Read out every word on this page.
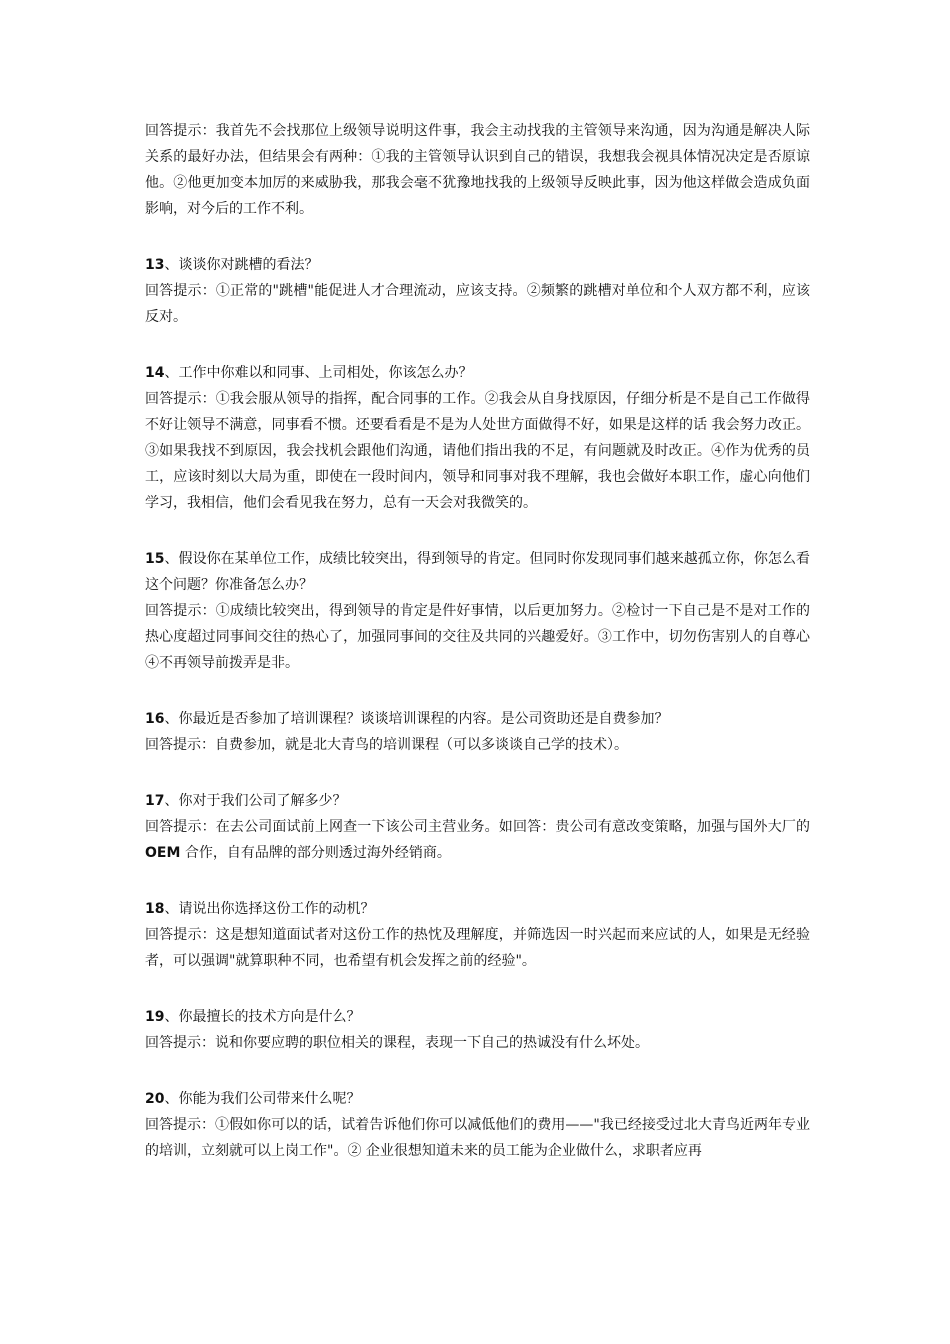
回答提示：我首先不会找那位上级领导说明这件事，我会主动找我的主管领导来沟通，因为沟通是解决人际关系的最好办法，但结果会有两种：①我的主管领导认识到自己的错误，我想我会视具体情况决定是否原谅他。②他更加变本加厉的来威胁我，那我会毫不犹豫地找我的上级领导反映此事，因为他这样做会造成负面影响，对今后的工作不利。

13、谈谈你对跳槽的看法？

回答提示：①正常的"跳槽"能促进人才合理流动，应该支持。②频繁的跳槽对单位和个人双方都不利，应该反对。

14、工作中你难以和同事、上司相处，你该怎么办？

回答提示：①我会服从领导的指挥，配合同事的工作。②我会从自身找原因，仔细分析是不是自己工作做得不好让领导不满意，同事看不惯。还要看看是不是为人处世方面做得不好，如果是这样的话 我会努力改正。③如果我找不到原因，我会找机会跟他们沟通，请他们指出我的不足，有问题就及时改正。④作为优秀的员工，应该时刻以大局为重，即使在一段时间内，领导和同事对我不理解，我也会做好本职工作，虚心向他们学习，我相信，他们会看见我在努力，总有一天会对我微笑的。

15、假设你在某单位工作，成绩比较突出，得到领导的肯定。但同时你发现同事们越来越孤立你，你怎么看这个问题？你准备怎么办？

回答提示：①成绩比较突出，得到领导的肯定是件好事情，以后更加努力。②检讨一下自己是不是对工作的热心度超过同事间交往的热心了，加强同事间的交往及共同的兴趣爱好。③工作中，切勿伤害别人的自尊心④不再领导前拨弄是非。

16、你最近是否参加了培训课程？谈谈培训课程的内容。是公司资助还是自费参加？

回答提示：自费参加，就是北大青鸟的培训课程（可以多谈谈自己学的技术）。

17、你对于我们公司了解多少？

回答提示：在去公司面试前上网查一下该公司主营业务。如回答：贵公司有意改变策略，加强与国外大厂的 OEM 合作，自有品牌的部分则透过海外经销商。

18、请说出你选择这份工作的动机？

回答提示：这是想知道面试者对这份工作的热忱及理解度，并筛选因一时兴起而来应试的人，如果是无经验者，可以强调"就算职种不同，也希望有机会发挥之前的经验"。

19、你最擅长的技术方向是什么？

回答提示：说和你要应聘的职位相关的课程，表现一下自己的热诚没有什么坏处。

20、你能为我们公司带来什么呢？

回答提示：①假如你可以的话，试着告诉他们你可以减低他们的费用——"我已经接受过北大青鸟近两年专业的培训，立刻就可以上岗工作"。② 企业很想知道未来的员工能为企业做什么，求职者应再
